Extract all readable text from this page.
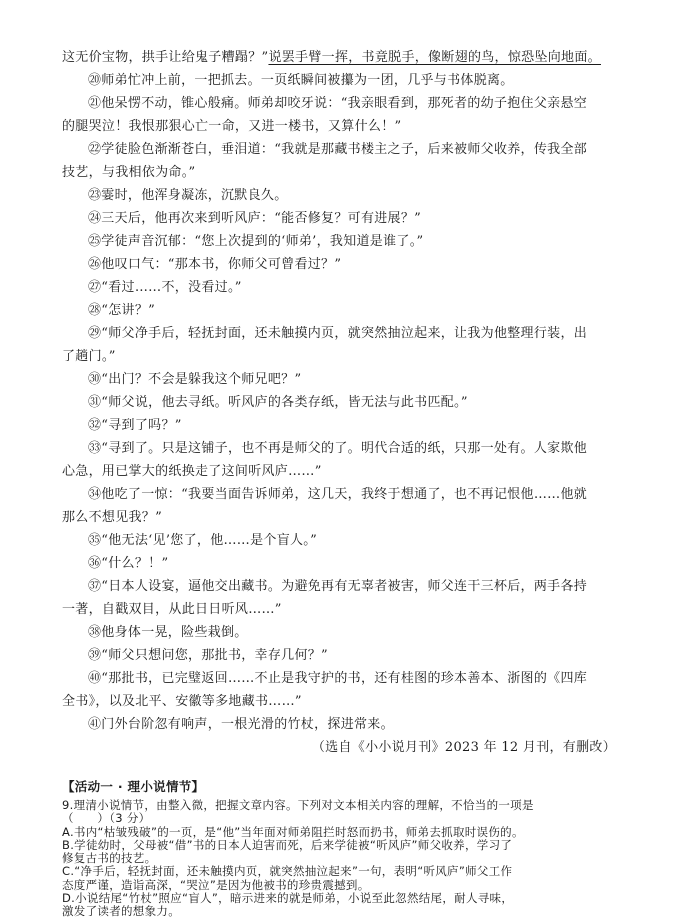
这无价宝物，拱手让给鬼子糟蹋？”说罢手臂一挥，书竟脱手，像断翅的鸟，惊恐坠向地面。
⑳师弟忙冲上前，一把抓去。一页纸瞬间被攥为一团，几乎与书体脱离。
㉑他呆愣不动，锥心般痛。师弟却咬牙说：“我亲眼看到，那死者的幼子抱住父亲悬空
的腿哭泣！我恨那狠心亡一命，又进一楼书，又算什么！”
㉒学徒脸色渐渐苍白，垂泪道：“我就是那藏书楼主之子，后来被师父收养，传我全部
技艺，与我相依为命。”
㉓霎时，他浑身凝冻，沉默良久。
㉔三天后，他再次来到听风庐：“能否修复？可有进展？”
㉕学徒声音沉郁：“您上次提到的‘师弟’，我知道是谁了。”
㉖他叹口气：“那本书，你师父可曾看过？”
㉗“看过……不，没看过。”
㉘“怎讲？”
㉙“师父净手后，轻抚封面，还未触摸内页，就突然抽泣起来，让我为他整理行装，出
了趟门。”
㉚“出门？不会是躲我这个师兄吧？”
㉛“师父说，他去寻纸。听风庐的各类存纸，皆无法与此书匹配。”
㉜“寻到了吗？”
㉝“寻到了。只是这铺子，也不再是师父的了。明代合适的纸，只那一处有。人家欺他
心急，用已掌大的纸换走了这间听风庐……”
㉞他吃了一惊：“我要当面告诉师弟，这几天，我终于想通了，也不再记恨他……他就
那么不想见我？”
㉟“他无法‘见’您了，他……是个盲人。”
㊱“什么？！”
㊲“日本人设宴，逼他交出藏书。为避免再有无辜者被害，师父连干三杯后，两手各持
一著，自戳双目，从此日日听风……”
㊳他身体一晃，险些栽倒。
㊴“师父只想问您，那批书，幸存几何？”
㊵“那批书，已完璧返回……不止是我守护的书，还有桂图的珍本善本、浙图的《四库
全书》，以及北平、安徽等多地藏书……”
㊶门外台阶忽有响声，一根光滑的竹杖，探进常来。
（选自《小小说月刊》2023 年 12 月刊，有删改）
【活动一 · 理小说情节】
9.理清小说情节，由整入微，把握文章内容。下列对文本相关内容的理解，不恰当的一项是
（　　）（3 分）
A.书内“枯皱残破”的一页，是“他”当年面对师弟阻拦时怒而扔书，师弟去抓取时误伤的。
B.学徒幼时，父母被“借”书的日本人迫害而死，后来学徒被“听风庐”师父收养，学习了
修复古书的技艺。
C.“净手后，轻抚封面，还未触摸内页，就突然抽泣起来”一句，表明“听风庐”师父工作
态度严谨，造诣高深，“哭泣”是因为他被书的珍贵震撼到。
D.小说结尾“竹杖”照应“盲人”，暗示进来的就是师弟，小说至此忽然结尾，耐人寻味，
激发了读者的想象力。
